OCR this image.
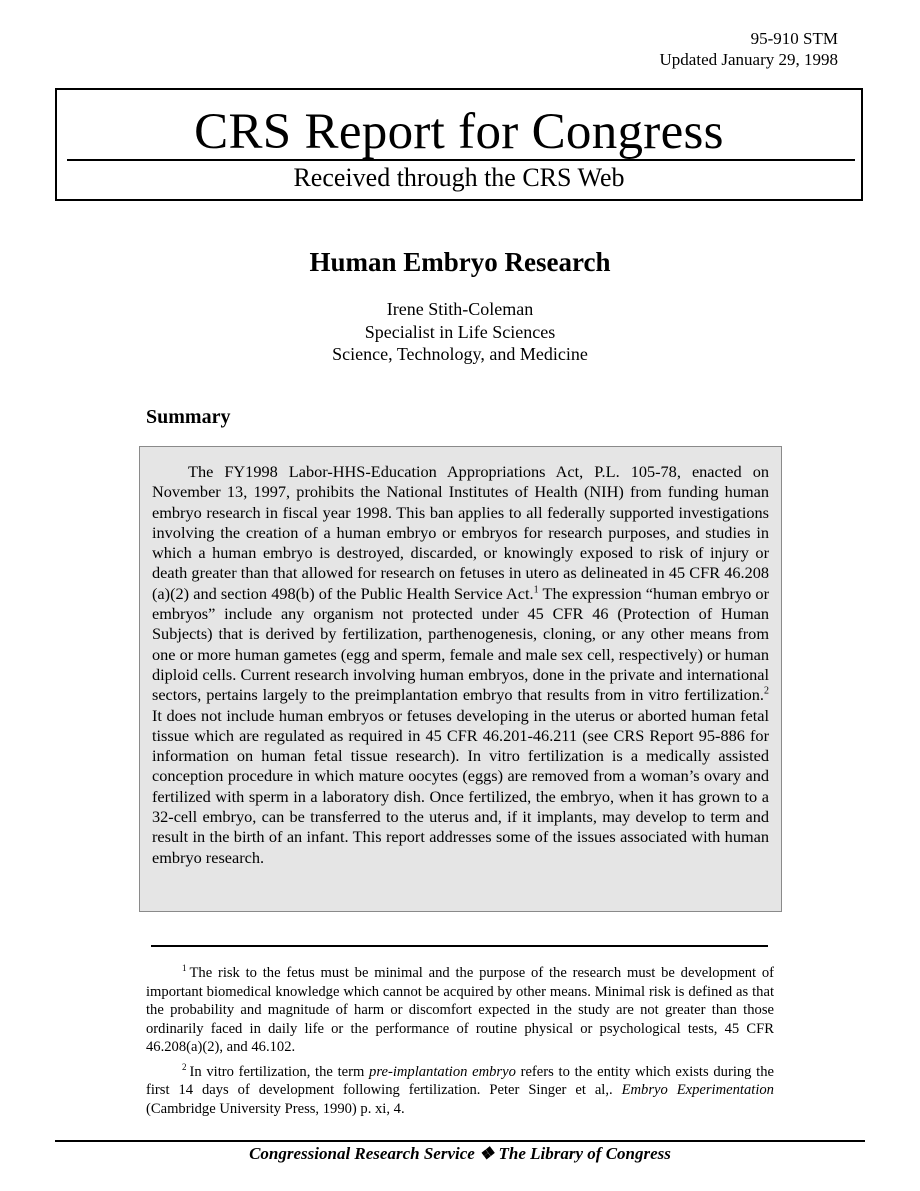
95-910 STM
Updated January 29, 1998
CRS Report for Congress
Received through the CRS Web
Human Embryo Research
Irene Stith-Coleman
Specialist in Life Sciences
Science, Technology, and Medicine
Summary

The FY1998 Labor-HHS-Education Appropriations Act, P.L. 105-78, enacted on November 13, 1997, prohibits the National Institutes of Health (NIH) from funding human embryo research in fiscal year 1998. This ban applies to all federally supported investigations involving the creation of a human embryo or embryos for research purposes, and studies in which a human embryo is destroyed, discarded, or knowingly exposed to risk of injury or death greater than that allowed for research on fetuses in utero as delineated in 45 CFR 46.208 (a)(2) and section 498(b) of the Public Health Service Act.$^1$ The expression “human embryo or embryos” include any organism not protected under 45 CFR 46 (Protection of Human Subjects) that is derived by fertilization, parthenogenesis, cloning, or any other means from one or more human gametes (egg and sperm, female and male sex cell, respectively) or human diploid cells. Current research involving human embryos, done in the private and international sectors, pertains largely to the preimplantation embryo that results from in vitro fertilization.$^2$ It does not include human embryos or fetuses developing in the uterus or aborted human fetal tissue which are regulated as required in 45 CFR 46.201-46.211 (see CRS Report 95-886 for information on human fetal tissue research). In vitro fertilization is a medically assisted conception procedure in which mature oocytes (eggs) are removed from a woman’s ovary and fertilized with sperm in a laboratory dish. Once fertilized, the embryo, when it has grown to a 32-cell embryo, can be transferred to the uterus and, if it implants, may develop to term and result in the birth of an infant. This report addresses some of the issues associated with human embryo research.

$^1$ The risk to the fetus must be minimal and the purpose of the research must be development of important biomedical knowledge which cannot be acquired by other means. Minimal risk is defined as that the probability and magnitude of harm or discomfort expected in the study are not greater than those ordinarily faced in daily life or the performance of routine physical or psychological tests, 45 CFR 46.208(a)(2), and 46.102.

$^2$ In vitro fertilization, the term pre-implantation embryo refers to the entity which exists during the first 14 days of development following fertilization. Peter Singer et al,. Embryo Experimentation (Cambridge University Press, 1990) p. xi, 4.

Congressional Research Service ❖ The Library of Congress
